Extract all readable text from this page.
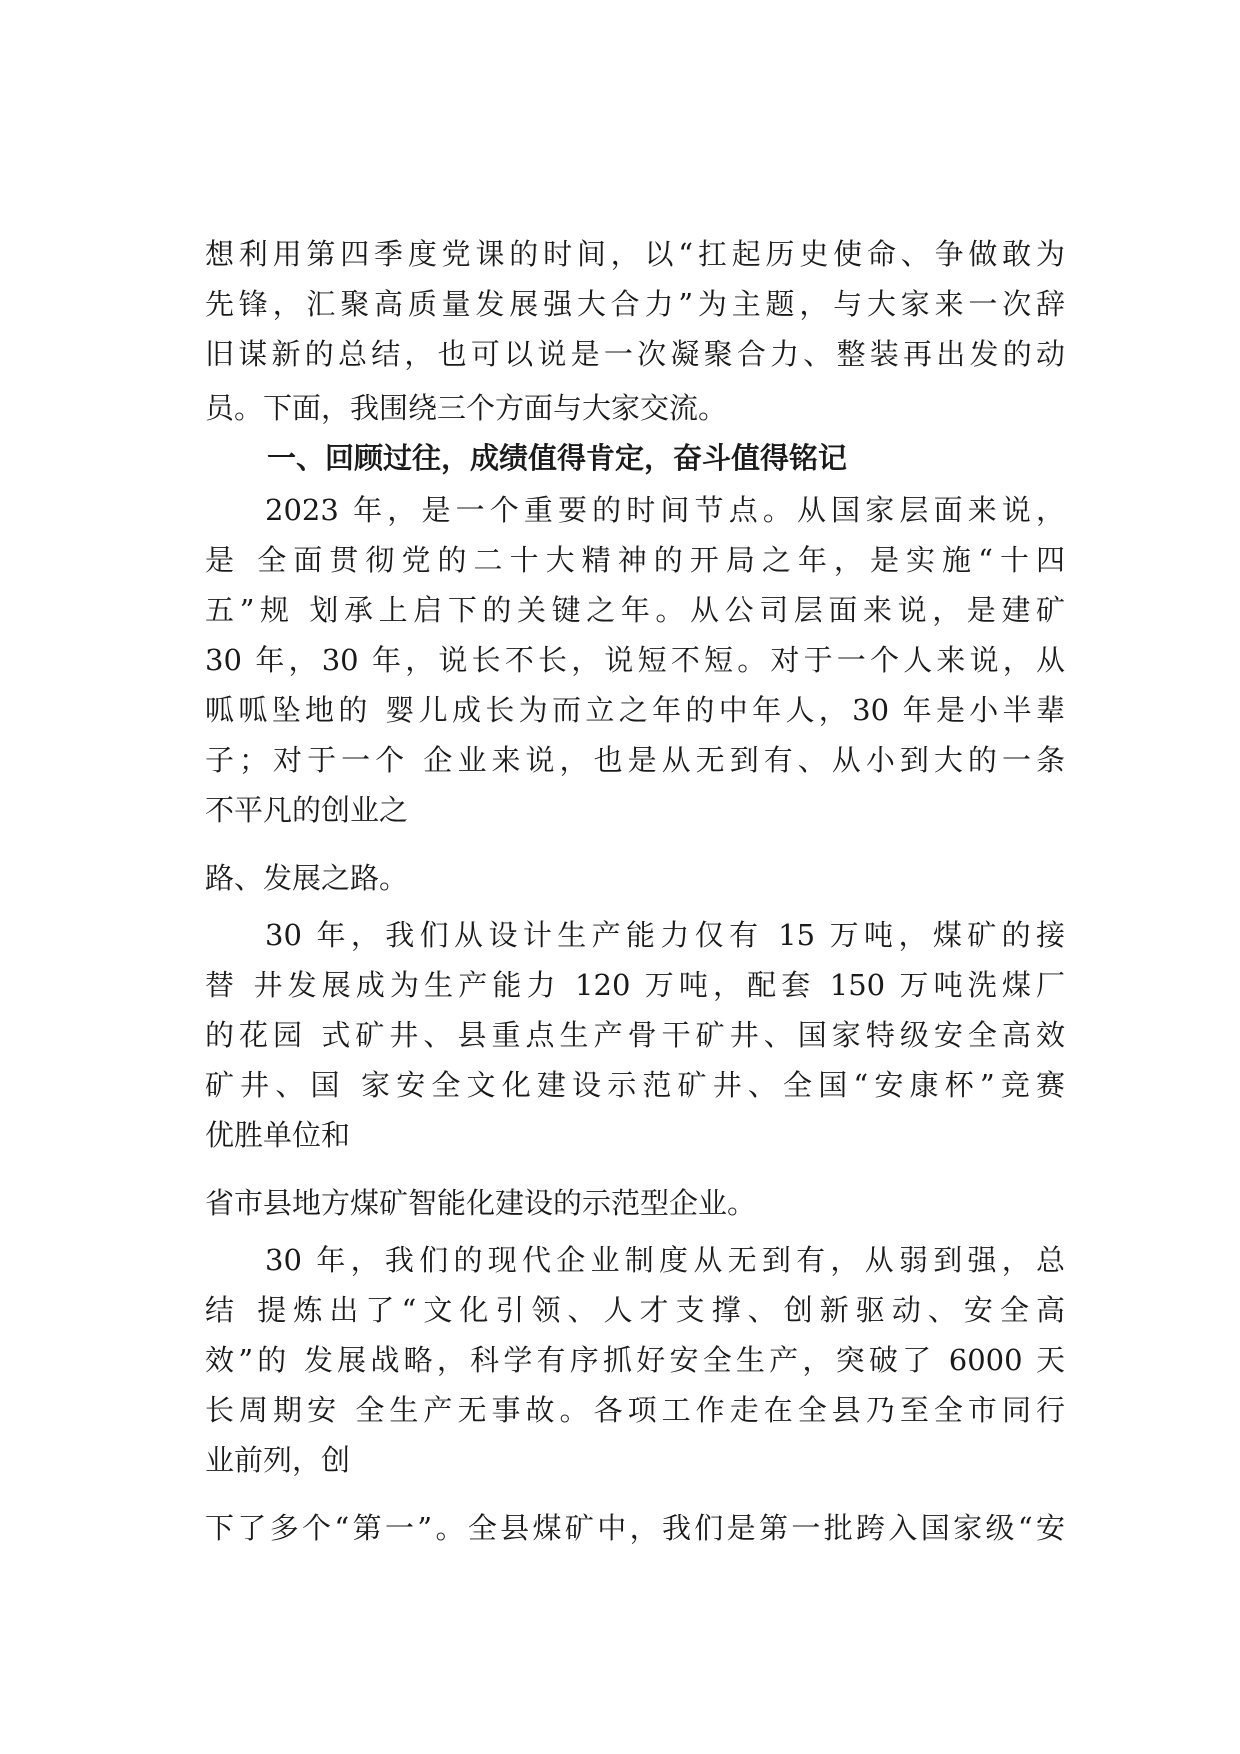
想利用第四季度党课的时间，以“扛起历史使命、争做敢为
先锋，汇聚高质量发展强大合力”为主题，与大家来一次辞
旧谋新的总结，也可以说是一次凝聚合力、整装再出发的动
员。下面，我围绕三个方面与大家交流。
一、回顾过往，成绩值得肯定，奋斗值得铭记
2023 年，是一个重要的时间节点。从国家层面来说，
是 全面贯彻党的二十大精神的开局之年，是实施“十四
五”规 划承上启下的关键之年。从公司层面来说，是建矿
30 年，30 年，说长不长，说短不短。对于一个人来说，从
呱呱坠地的 婴儿成长为而立之年的中年人，30 年是小半辈
子；对于一个 企业来说，也是从无到有、从小到大的一条
不平凡的创业之
路、发展之路。
30 年，我们从设计生产能力仅有 15 万吨，煤矿的接
替 井发展成为生产能力 120 万吨，配套 150 万吨洗煤厂
的花园 式矿井、县重点生产骨干矿井、国家特级安全高效
矿井、国 家安全文化建设示范矿井、全国“安康杯”竞赛
优胜单位和
省市县地方煤矿智能化建设的示范型企业。
30 年，我们的现代企业制度从无到有，从弱到强，总
结 提炼出了“文化引领、人才支撑、创新驱动、安全高
效”的 发展战略，科学有序抓好安全生产，突破了 6000 天
长周期安 全生产无事故。各项工作走在全县乃至全市同行
业前列，创
下了多个“第一”。全县煤矿中，我们是第一批跨入国家级“安
